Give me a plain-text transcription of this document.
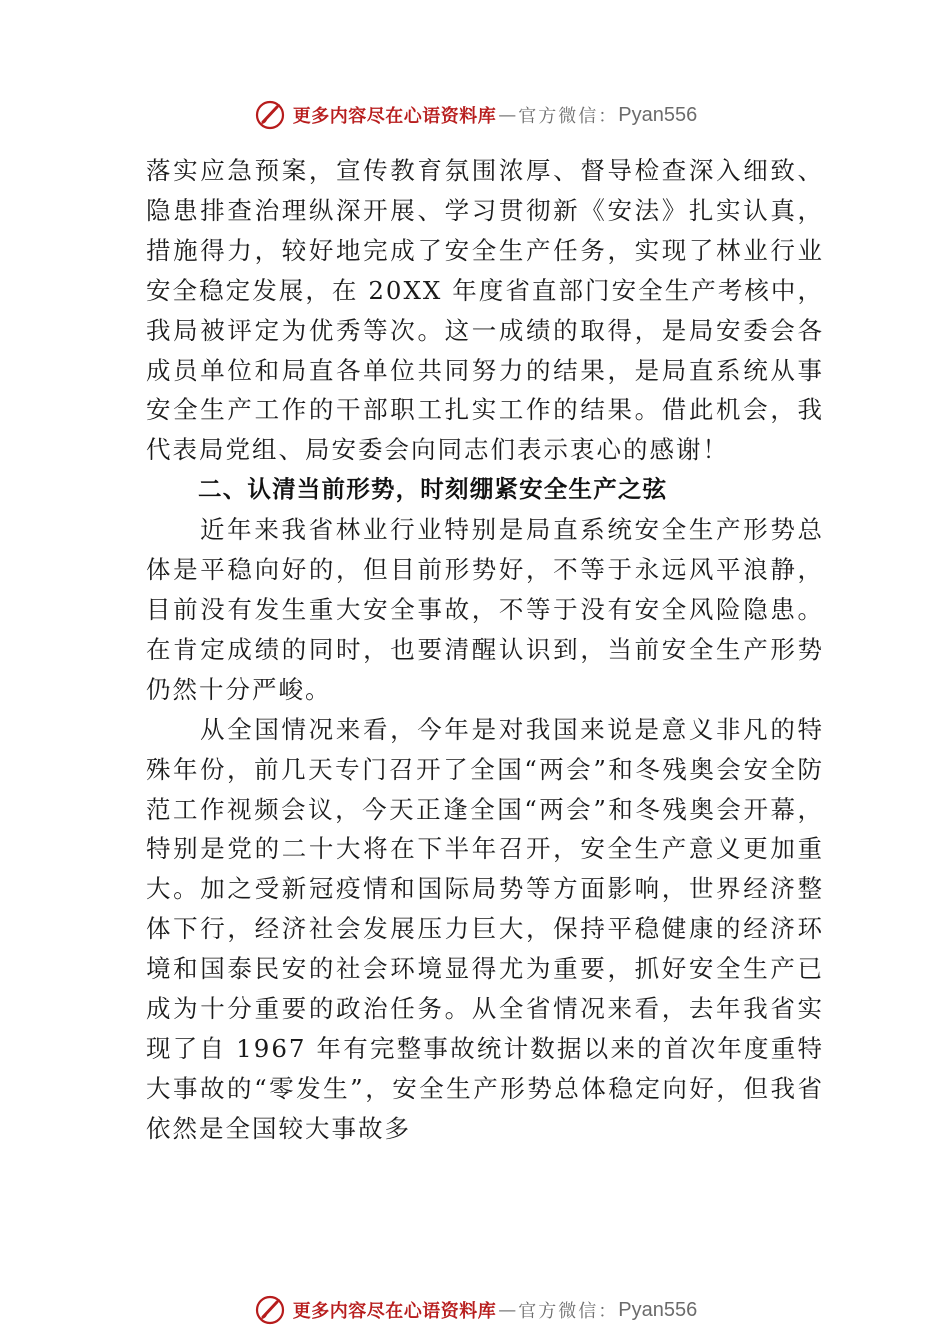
更多内容尽在心语资料库 — 官方微信： Pyan556

落实应急预案，宣传教育氛围浓厚、督导检查深入细致、隐患排查治理纵深开展、学习贯彻新《安法》扎实认真，措施得力，较好地完成了安全生产任务，实现了林业行业安全稳定发展，在 20XX 年度省直部门安全生产考核中，我局被评定为优秀等次。这一成绩的取得，是局安委会各成员单位和局直各单位共同努力的结果，是局直系统从事安全生产工作的干部职工扎实工作的结果。借此机会，我代表局党组、局安委会向同志们表示衷心的感谢！

二、认清当前形势，时刻绷紧安全生产之弦

近年来我省林业行业特别是局直系统安全生产形势总体是平稳向好的，但目前形势好，不等于永远风平浪静，目前没有发生重大安全事故，不等于没有安全风险隐患。在肯定成绩的同时，也要清醒认识到，当前安全生产形势仍然十分严峻。

从全国情况来看，今年是对我国来说是意义非凡的特殊年份，前几天专门召开了全国“两会”和冬残奥会安全防范工作视频会议，今天正逢全国“两会”和冬残奥会开幕，特别是党的二十大将在下半年召开，安全生产意义更加重大。加之受新冠疫情和国际局势等方面影响，世界经济整体下行，经济社会发展压力巨大，保持平稳健康的经济环境和国泰民安的社会环境显得尤为重要，抓好安全生产已成为十分重要的政治任务。从全省情况来看，去年我省实现了自 1967 年有完整事故统计数据以来的首次年度重特大事故的“零发生”，安全生产形势总体稳定向好，但我省依然是全国较大事故多

更多内容尽在心语资料库 — 官方微信： Pyan556
